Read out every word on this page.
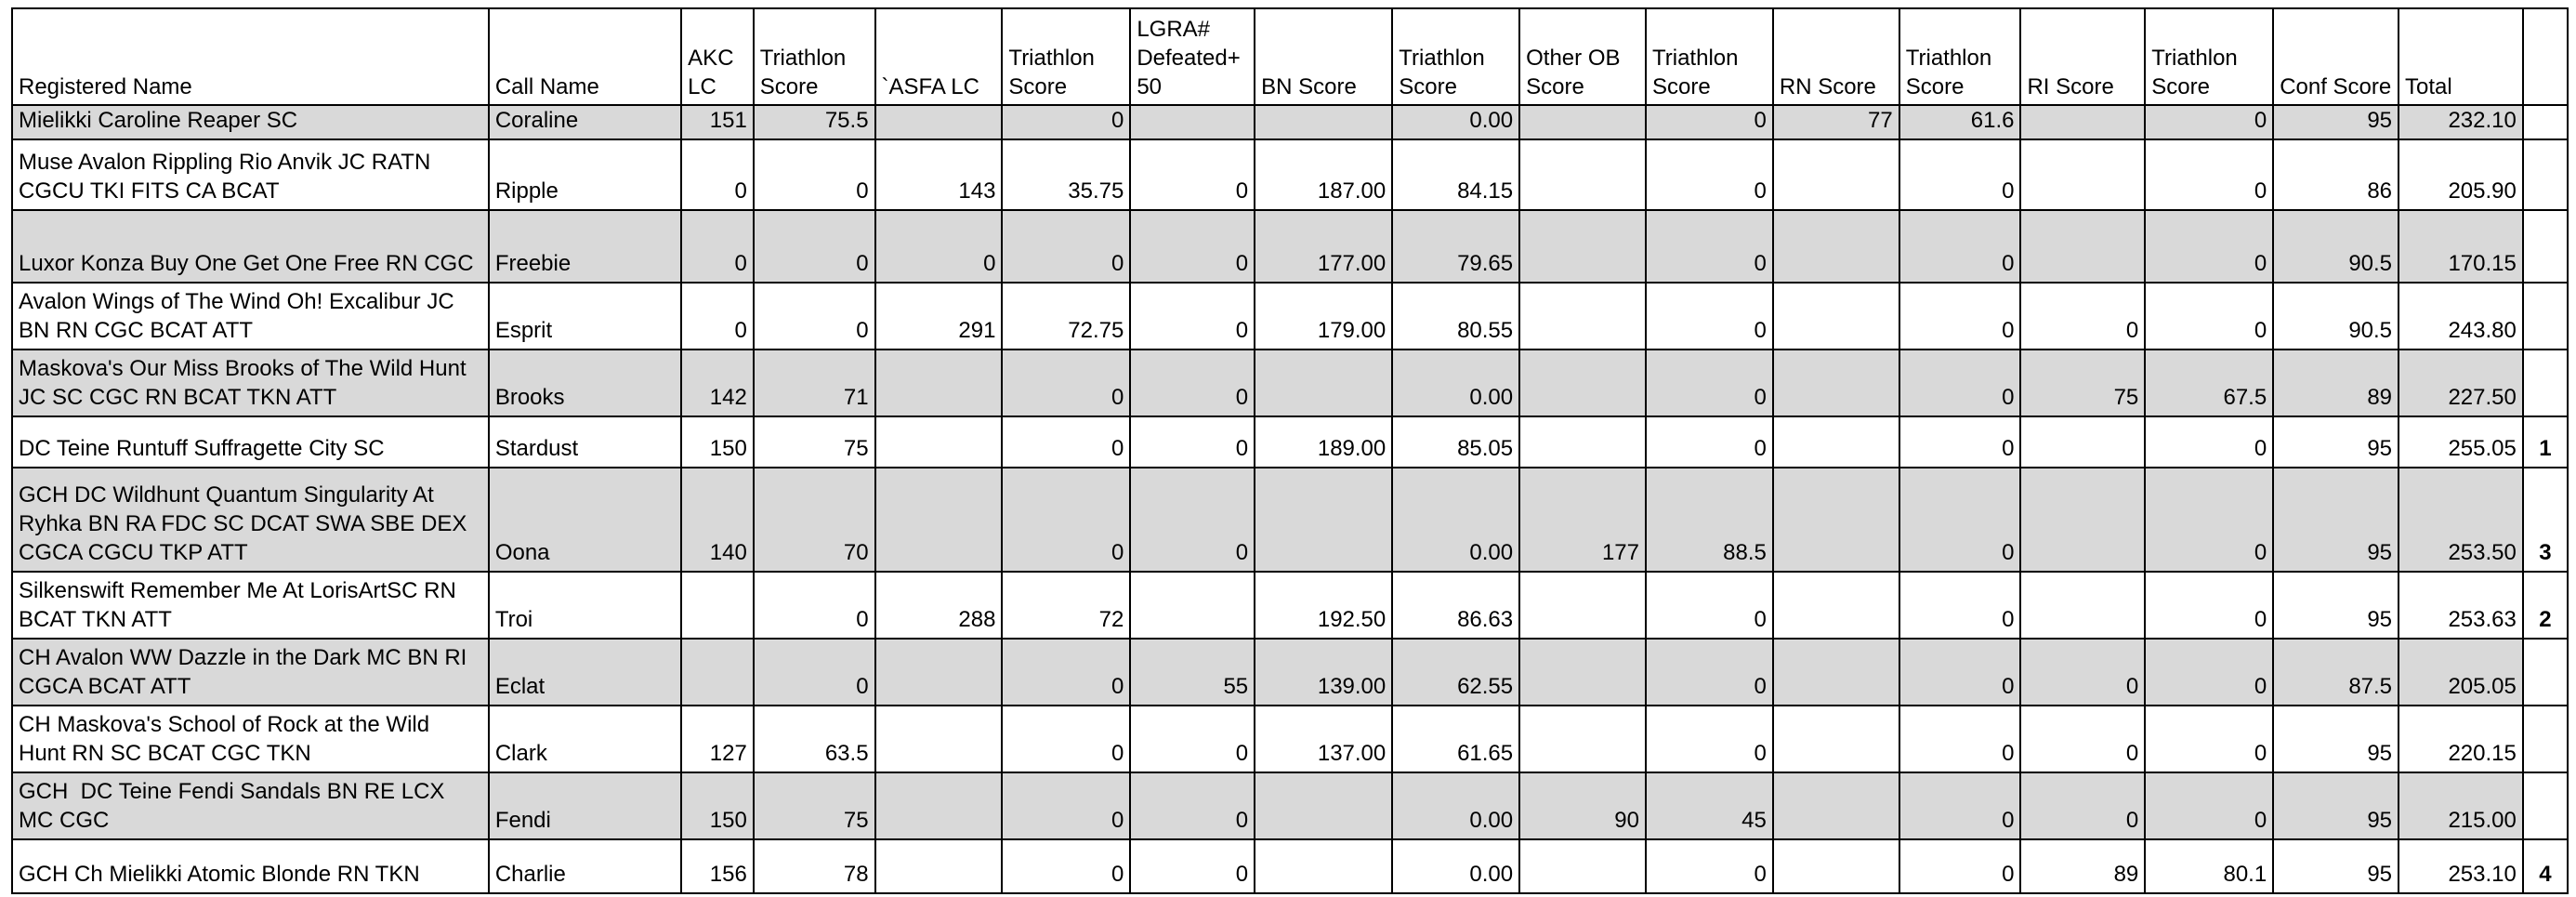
Registered Name	Call Name	AKC LC	Triathlon Score	`ASFA LC	Triathlon Score	LGRA# Defeated+ 50	BN Score	Triathlon Score	Other OB Score	Triathlon Score	RN Score	Triathlon Score	RI Score	Triathlon Score	Conf Score	Total	
Mielikki Caroline Reaper SC	Coraline	151	75.5		0			0.00		0	77	61.6		0	95	232.10	
Muse Avalon Rippling Rio Anvik JC RATN CGCU TKI FITS CA BCAT	Ripple	0	0	143	35.75	0	187.00	84.15		0		0		0	86	205.90	
Luxor Konza Buy One Get One Free RN CGC	Freebie	0	0	0	0	0	177.00	79.65		0		0		0	90.5	170.15	
Avalon Wings of The Wind Oh! Excalibur JC BN RN CGC BCAT ATT	Esprit	0	0	291	72.75	0	179.00	80.55		0		0	0	0	90.5	243.80	
Maskova's Our Miss Brooks of The Wild Hunt JC SC CGC RN BCAT TKN ATT	Brooks	142	71		0	0		0.00		0		0	75	67.5	89	227.50	
DC Teine Runtuff Suffragette City SC	Stardust	150	75		0	0	189.00	85.05		0		0		0	95	255.05	1
GCH DC Wildhunt Quantum Singularity At Ryhka BN RA FDC SC DCAT SWA SBE DEX CGCA CGCU TKP ATT	Oona	140	70		0	0		0.00	177	88.5		0		0	95	253.50	3
Silkenswift Remember Me At LorisArtSC RN BCAT TKN ATT	Troi		0	288	72		192.50	86.63		0		0		0	95	253.63	2
CH Avalon WW Dazzle in the Dark MC BN RI CGCA BCAT ATT	Eclat		0		0	55	139.00	62.55		0		0	0	0	87.5	205.05	
CH Maskova's School of Rock at the Wild Hunt RN SC BCAT CGC TKN	Clark	127	63.5		0	0	137.00	61.65		0		0	0	0	95	220.15	
GCH  DC Teine Fendi Sandals BN RE LCX MC CGC	Fendi	150	75		0	0		0.00	90	45		0	0	0	95	215.00	
GCH Ch Mielikki Atomic Blonde RN TKN	Charlie	156	78		0	0		0.00		0		0	89	80.1	95	253.10	4
